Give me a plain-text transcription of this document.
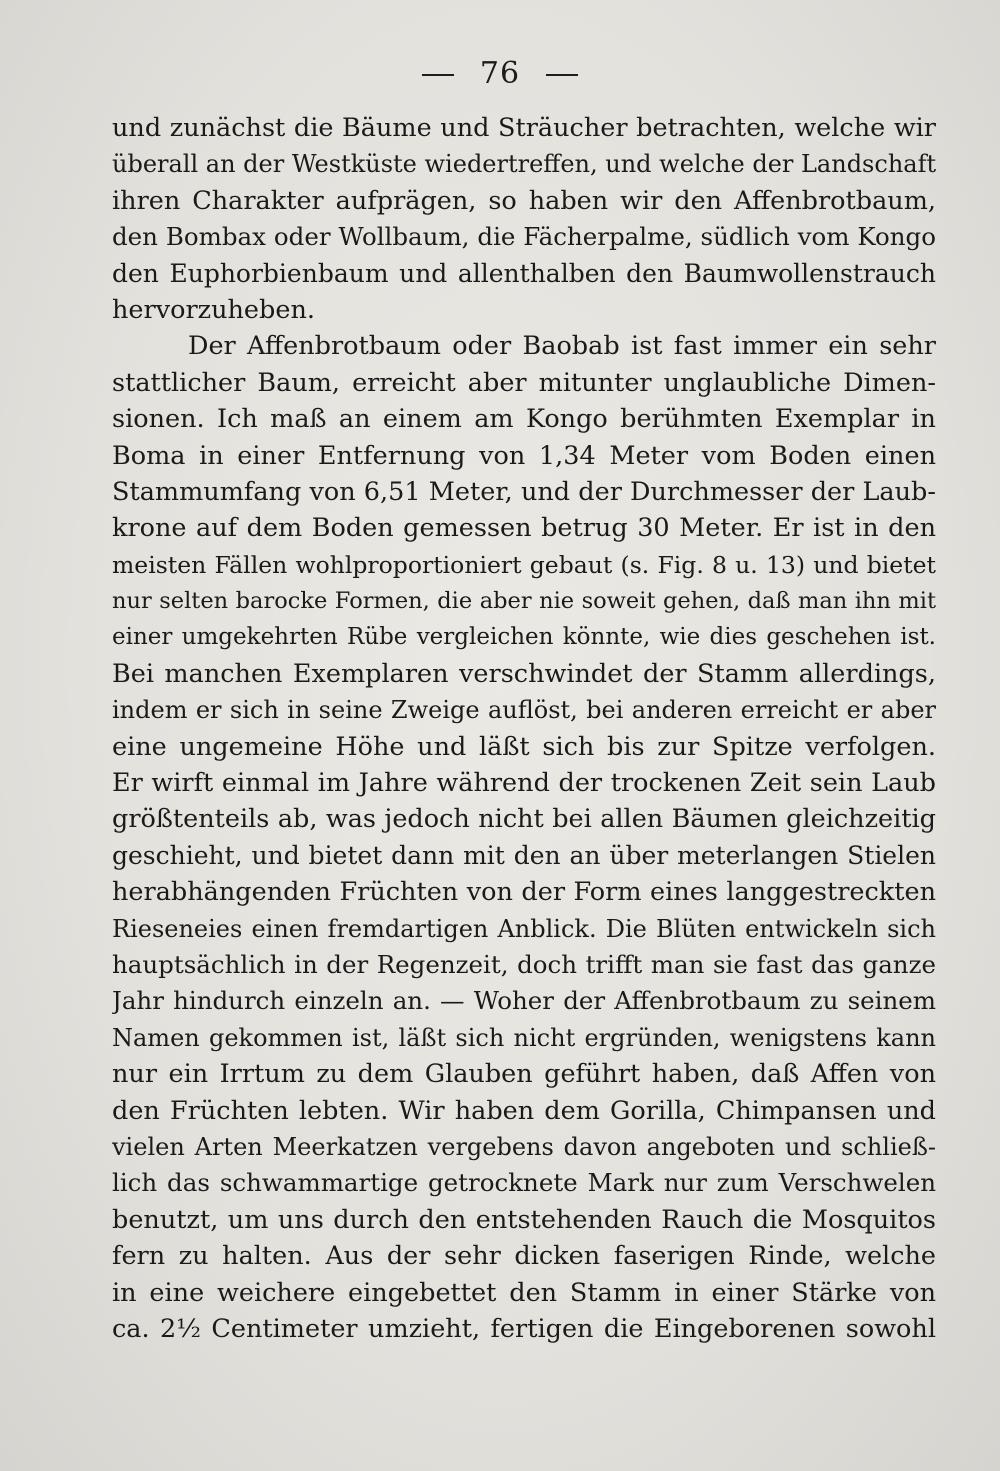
76
und zunächst die Bäume und Sträucher betrachten, welche wir
überall an der Westküste wiedertreffen, und welche der Landschaft
ihren Charakter aufprägen, so haben wir den Affenbrotbaum,
den Bombax oder Wollbaum, die Fächerpalme, südlich vom Kongo
den Euphorbienbaum und allenthalben den Baumwollenstrauch
hervorzuheben.
Der Affenbrotbaum oder Baobab ist fast immer ein sehr
stattlicher Baum, erreicht aber mitunter unglaubliche Dimen-
sionen. Ich maß an einem am Kongo berühmten Exemplar in
Boma in einer Entfernung von 1,34 Meter vom Boden einen
Stammumfang von 6,51 Meter, und der Durchmesser der Laub-
krone auf dem Boden gemessen betrug 30 Meter. Er ist in den
meisten Fällen wohlproportioniert gebaut (s. Fig. 8 u. 13) und bietet
nur selten barocke Formen, die aber nie soweit gehen, daß man ihn mit
einer umgekehrten Rübe vergleichen könnte, wie dies geschehen ist.
Bei manchen Exemplaren verschwindet der Stamm allerdings,
indem er sich in seine Zweige auflöst, bei anderen erreicht er aber
eine ungemeine Höhe und läßt sich bis zur Spitze verfolgen.
Er wirft einmal im Jahre während der trockenen Zeit sein Laub
größtenteils ab, was jedoch nicht bei allen Bäumen gleichzeitig
geschieht, und bietet dann mit den an über meterlangen Stielen
herabhängenden Früchten von der Form eines langgestreckten
Rieseneies einen fremdartigen Anblick. Die Blüten entwickeln sich
hauptsächlich in der Regenzeit, doch trifft man sie fast das ganze
Jahr hindurch einzeln an. — Woher der Affenbrotbaum zu seinem
Namen gekommen ist, läßt sich nicht ergründen, wenigstens kann
nur ein Irrtum zu dem Glauben geführt haben, daß Affen von
den Früchten lebten. Wir haben dem Gorilla, Chimpansen und
vielen Arten Meerkatzen vergebens davon angeboten und schließ-
lich das schwammartige getrocknete Mark nur zum Verschwelen
benutzt, um uns durch den entstehenden Rauch die Mosquitos
fern zu halten. Aus der sehr dicken faserigen Rinde, welche
in eine weichere eingebettet den Stamm in einer Stärke von
ca. 2½ Centimeter umzieht, fertigen die Eingeborenen sowohl
